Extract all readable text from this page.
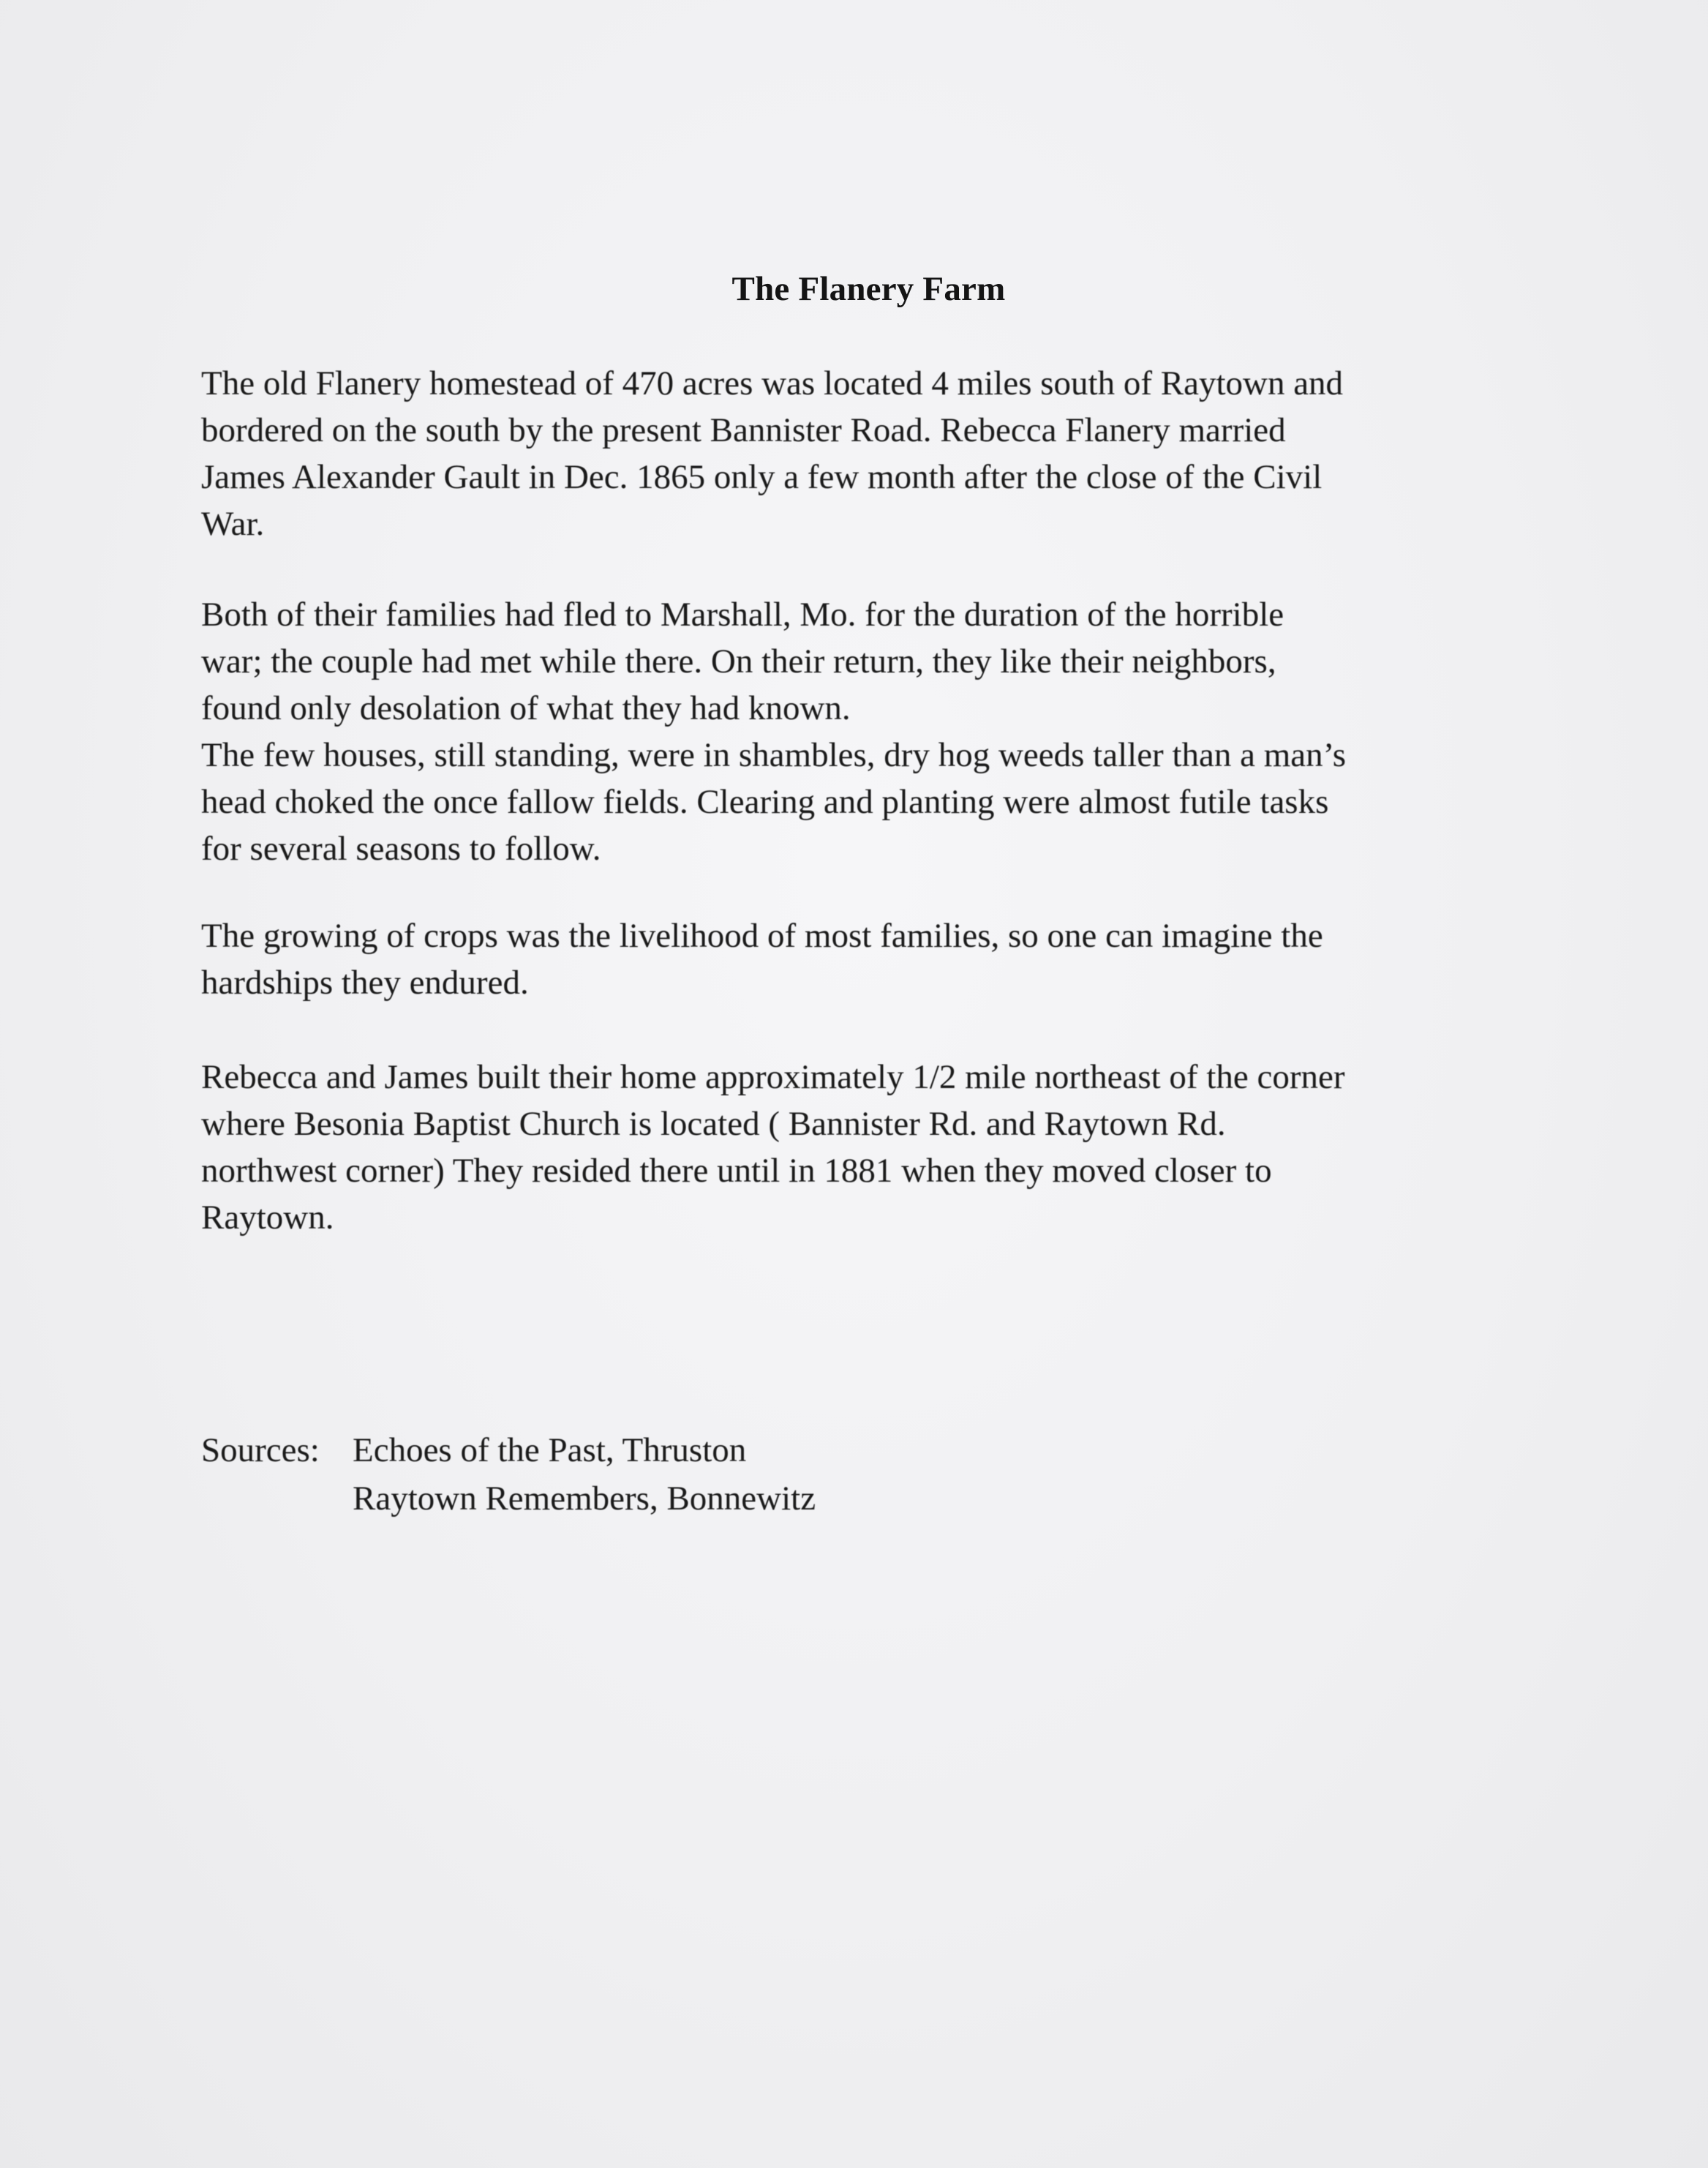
The Flanery Farm
The old Flanery homestead of 470 acres was located 4 miles south of Raytown and
bordered on the south by the present Bannister Road. Rebecca Flanery married
James Alexander Gault in Dec. 1865 only a few month after the close of the Civil
War.
Both of their families had fled to Marshall, Mo. for the duration of the horrible
war; the couple had met while there. On their return, they like their neighbors,
found only desolation of what they had known.
The few houses, still standing, were in shambles, dry hog weeds taller than a man’s
head choked the once fallow fields. Clearing and planting were almost futile tasks
for several seasons to follow.
The growing of crops was the livelihood of most families, so one can imagine the
hardships they endured.
Rebecca and James built their home approximately 1/2 mile northeast of the corner
where Besonia Baptist Church is located ( Bannister Rd. and Raytown Rd.
northwest corner) They resided there until in 1881 when they moved closer to
Raytown.
Sources: Echoes of the Past, Thruston
Raytown Remembers, Bonnewitz
